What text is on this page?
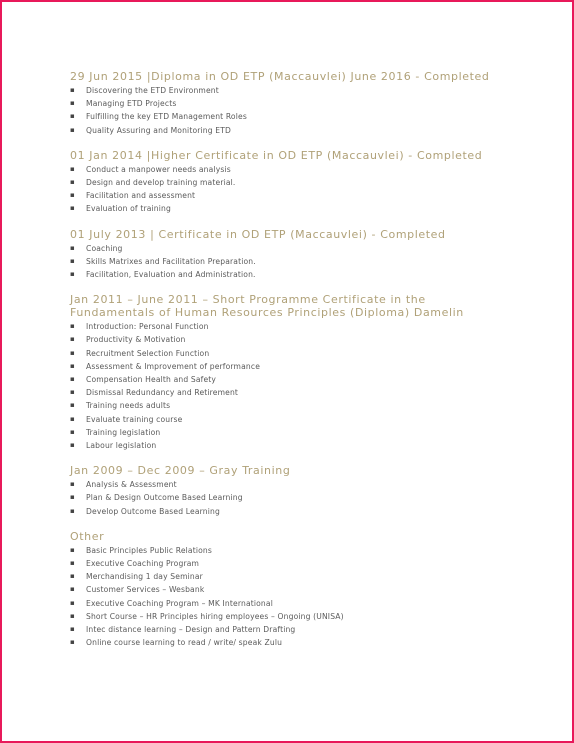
29 Jun 2015 |Diploma in OD ETP (Maccauvlei) June 2016 - Completed
▪ Discovering the ETD Environment
▪ Managing ETD Projects
▪ Fulfilling the key ETD Management Roles
▪ Quality Assuring and Monitoring ETD
01 Jan 2014 |Higher Certificate in OD ETP (Maccauvlei) - Completed
▪ Conduct a manpower needs analysis
▪ Design and develop training material.
▪ Facilitation and assessment
▪ Evaluation of training
01 July 2013 | Certificate in OD ETP (Maccauvlei) - Completed
▪ Coaching
▪ Skills Matrixes and Facilitation Preparation.
▪ Facilitation, Evaluation and Administration.
Jan 2011 – June 2011 – Short Programme Certificate in the Fundamentals of Human Resources Principles (Diploma) Damelin
▪ Introduction: Personal Function
▪ Productivity & Motivation
▪ Recruitment Selection Function
▪ Assessment & Improvement of performance
▪ Compensation Health and Safety
▪ Dismissal Redundancy and Retirement
▪ Training needs adults
▪ Evaluate training course
▪ Training legislation
▪ Labour legislation
Jan 2009 – Dec 2009 – Gray Training
▪ Analysis & Assessment
▪ Plan & Design Outcome Based Learning
▪ Develop Outcome Based Learning
Other
▪ Basic Principles Public Relations
▪ Executive Coaching Program
▪ Merchandising 1 day Seminar
▪ Customer Services – Wesbank
▪ Executive Coaching Program – MK International
▪ Short Course – HR Principles hiring employees – Ongoing (UNISA)
▪ Intec distance learning – Design and Pattern Drafting
▪ Online course learning to read / write/ speak Zulu
